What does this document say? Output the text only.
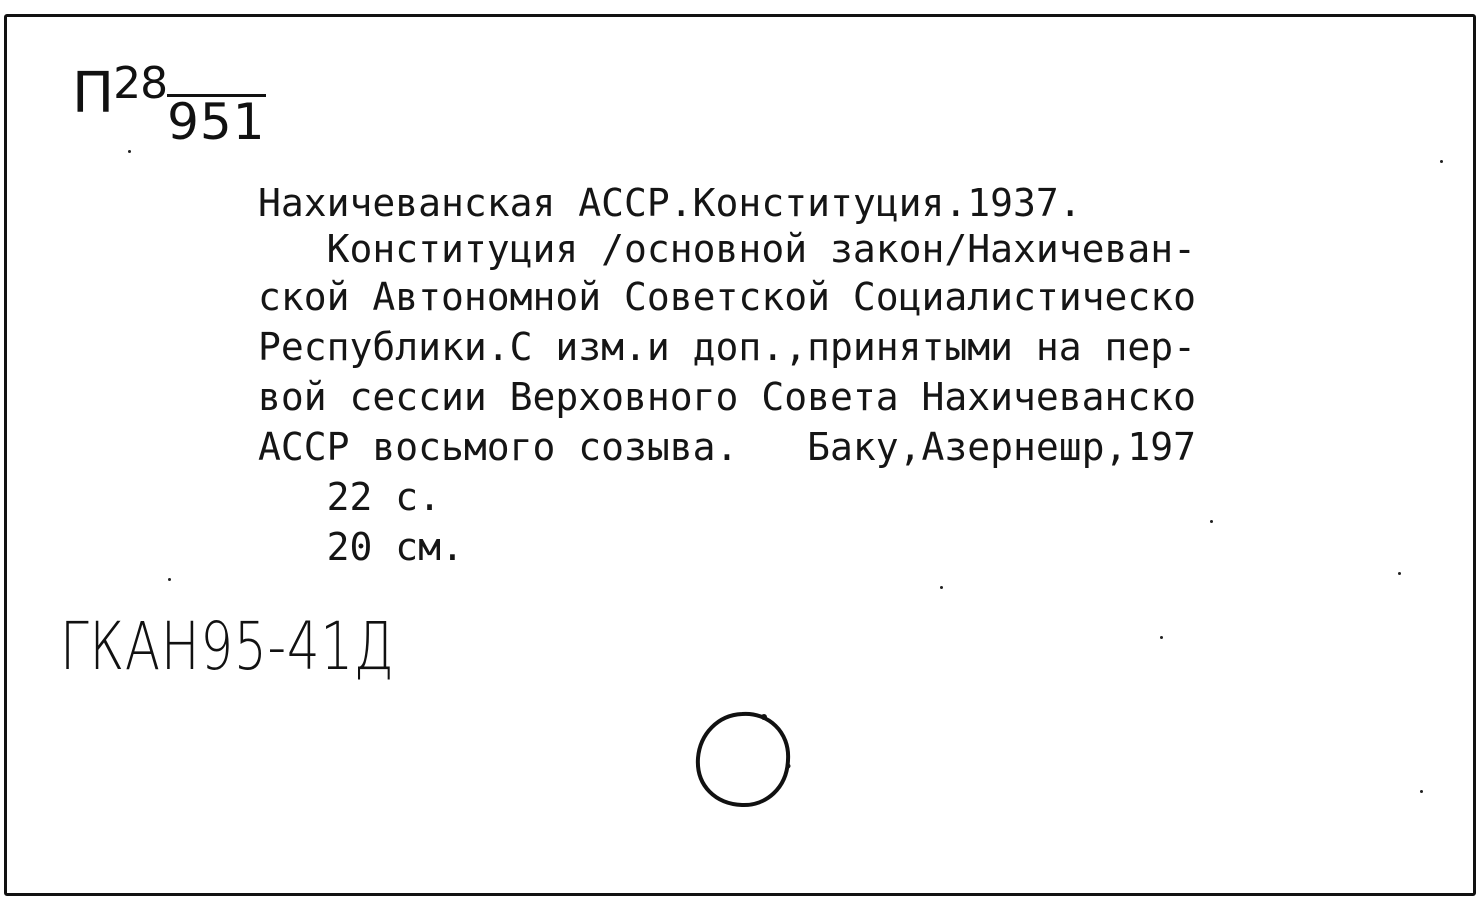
П28951
Нахичеванская АССР.Конституция.1937.
Конституция /основной закон/Нахичеван-
ской Автономной Советской Социалистическо
Республики.С изм.и доп.,принятыми на пер-
вой сессии Верховного Совета Нахичеванско
АССР восьмого созыва.   Баку,Азернешр,197
22 с.
20 см.
ГКАН95-41Д
